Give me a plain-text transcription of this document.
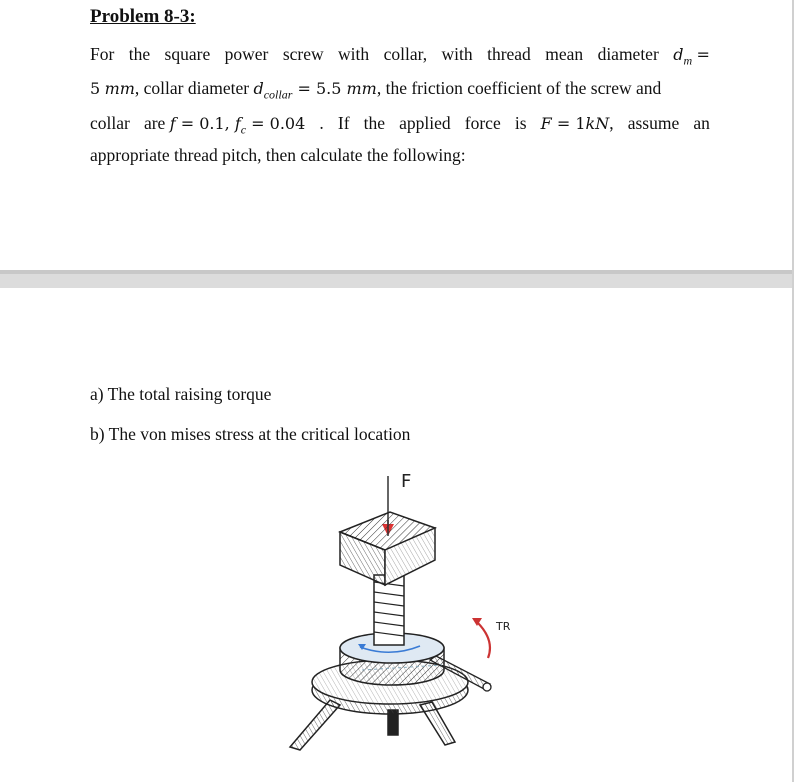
Problem 8-3:
For the square power screw with collar, with thread mean diameter $d_m$ =
5 mm, collar diameter $d_{collar} = 5.5$ mm, the friction coefficient of the screw and
collar are f = 0.1, $f_c = 0.04$ . If the applied force is F = 1kN, assume an
appropriate thread pitch, then calculate the following:
a) The total raising torque
b) The von mises stress at the critical location
F
TR
